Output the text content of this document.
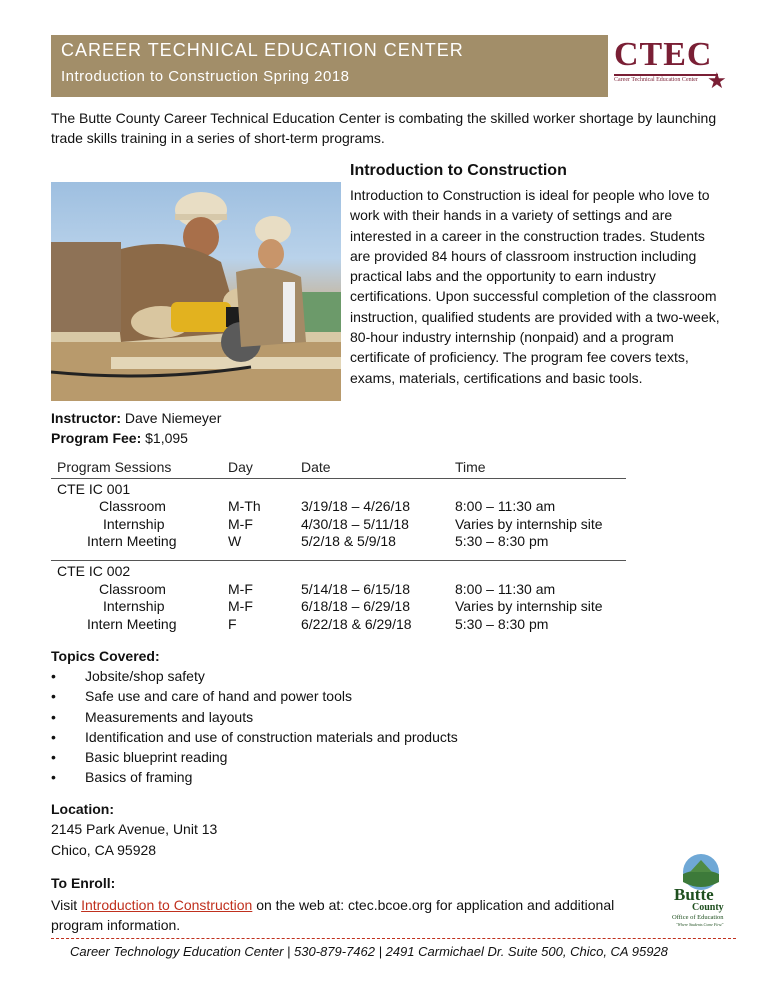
CAREER TECHNICAL EDUCATION CENTER
Introduction to Construction Spring 2018
CTEC
Career Technical Education Center ★
The Butte County Career Technical Education Center is combating the skilled worker shortage by launching trade skills training in a series of short-term programs.
Introduction to Construction
Introduction to Construction is ideal for people who love to work with their hands in a variety of settings and are interested in a career in the construction trades. Students are provided 84 hours of classroom instruction including practical labs and the opportunity to earn industry certifications. Upon successful completion of the classroom instruction, qualified students are provided with a two-week, 80-hour industry internship (nonpaid) and a program certificate of proficiency. The program fee covers texts, exams, materials, certifications and basic tools.
Instructor: Dave Niemeyer
Program Fee: $1,095
Program Sessions	Day	Date	Time
CTE IC 001
Classroom	M-Th	3/19/18 – 4/26/18	8:00 – 11:30 am
Internship	M-F	4/30/18 – 5/11/18	Varies by internship site
Intern Meeting	W	5/2/18 & 5/9/18	5:30 – 8:30 pm
CTE IC 002
Classroom	M-F	5/14/18 – 6/15/18	8:00 – 11:30 am
Internship	M-F	6/18/18 – 6/29/18	Varies by internship site
Intern Meeting	F	6/22/18 & 6/29/18	5:30 – 8:30 pm
Topics Covered:
• Jobsite/shop safety
• Safe use and care of hand and power tools
• Measurements and layouts
• Identification and use of construction materials and products
• Basic blueprint reading
• Basics of framing
Location:
2145 Park Avenue, Unit 13
Chico, CA 95928
To Enroll:
Visit Introduction to Construction on the web at: ctec.bcoe.org for application and additional program information.
Butte
County
Office of Education
"Where Students Come First"
Career Technology Education Center | 530-879-7462 | 2491 Carmichael Dr. Suite 500, Chico, CA 95928
